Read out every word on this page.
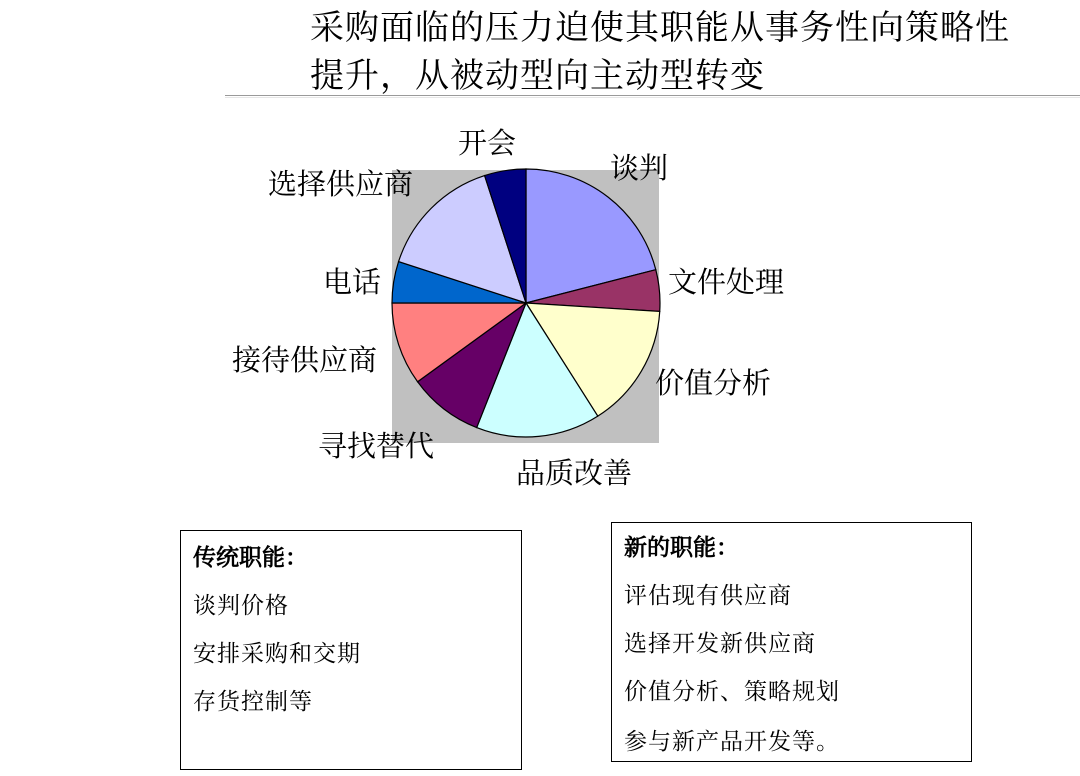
采购面临的压力迫使其职能从事务性向策略性
提升，从被动型向主动型转变
谈判
文件处理
价值分析
品质改善
寻找替代
接待供应商
电话
选择供应商
开会
传统职能：
谈判价格
安排采购和交期
存货控制等
新的职能：
评估现有供应商
选择开发新供应商
价值分析、策略规划
参与新产品开发等。
